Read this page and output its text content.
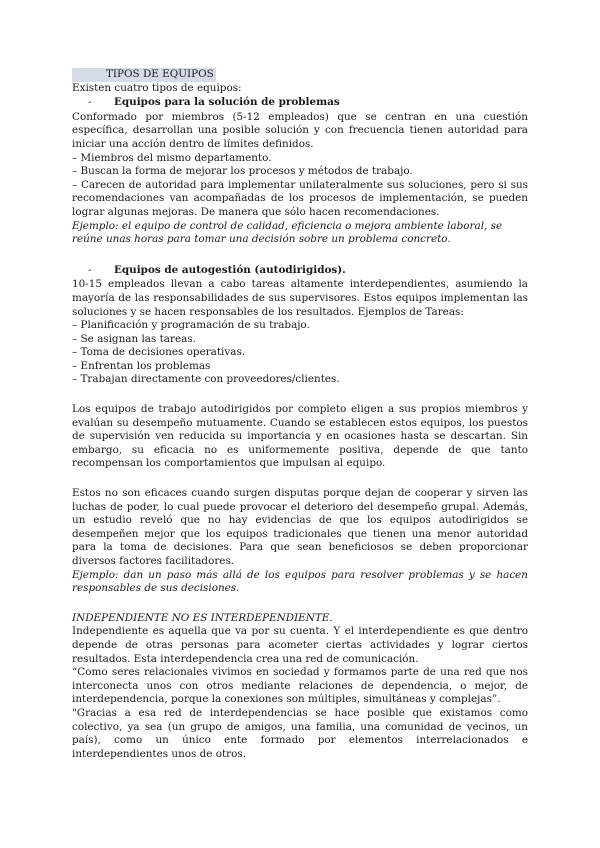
TIPOS DE EQUIPOS

Existen cuatro tipos de equipos:

-	Equipos para la solución de problemas

Conformado por miembros (5-12 empleados) que se centran en una cuestión específica, desarrollan una posible solución y con frecuencia tienen autoridad para iniciar una acción dentro de límites definidos.

– Miembros del mismo departamento.
– Buscan la forma de mejorar los procesos y métodos de trabajo.
– Carecen de autoridad para implementar unilateralmente sus soluciones, pero si sus recomendaciones van acompañadas de los procesos de implementación, se pueden lograr algunas mejoras. De manera que sólo hacen recomendaciones.

Ejemplo: el equipo de control de calidad, eficiencia o mejora ambiente laboral, se reúne unas horas para tomar una decisión sobre un problema concreto.

-	Equipos de autogestión (autodirigidos).

10-15 empleados llevan a cabo tareas altamente interdependientes, asumiendo la mayoría de las responsabilidades de sus supervisores. Estos equipos implementan las soluciones y se hacen responsables de los resultados. Ejemplos de Tareas:

– Planificación y programación de su trabajo.
– Se asignan las tareas.
– Toma de decisiones operativas.
– Enfrentan los problemas
– Trabajan directamente con proveedores/clientes.

Los equipos de trabajo autodirigidos por completo eligen a sus propios miembros y evalúan su desempeño mutuamente. Cuando se establecen estos equipos, los puestos de supervisión ven reducida su importancia y en ocasiones hasta se descartan. Sin embargo, su eficacia no es uniformemente positiva, depende de que tanto recompensan los comportamientos que impulsan al equipo.

Estos no son eficaces cuando surgen disputas porque dejan de cooperar y sirven las luchas de poder, lo cual puede provocar el deterioro del desempeño grupal. Además, un estudio reveló que no hay evidencias de que los equipos autodirigidos se desempeñen mejor que los equipos tradicionales que tienen una menor autoridad para la toma de decisiones. Para que sean beneficiosos se deben proporcionar diversos factores facilitadores.

Ejemplo: dan un paso más allá de los equipos para resolver problemas y se hacen responsables de sus decisiones.

INDEPENDIENTE NO ES INTERDEPENDIENTE.

Independiente es aquella que va por su cuenta. Y el interdependiente es que dentro depende de otras personas para acometer ciertas actividades y lograr ciertos resultados. Esta interdependencia crea una red de comunicación.

“Como seres relacionales vivimos en sociedad y formamos parte de una red que nos interconecta unos con otros mediante relaciones de dependencia, o mejor, de interdependencia, porque la conexiones son múltiples, simultáneas y complejas”.

"Gracias a esa red de interdependencias se hace posible que existamos como colectivo, ya sea (un grupo de amigos, una familia, una comunidad de vecinos, un país), como un único ente formado por elementos interrelacionados e interdependientes unos de otros.
